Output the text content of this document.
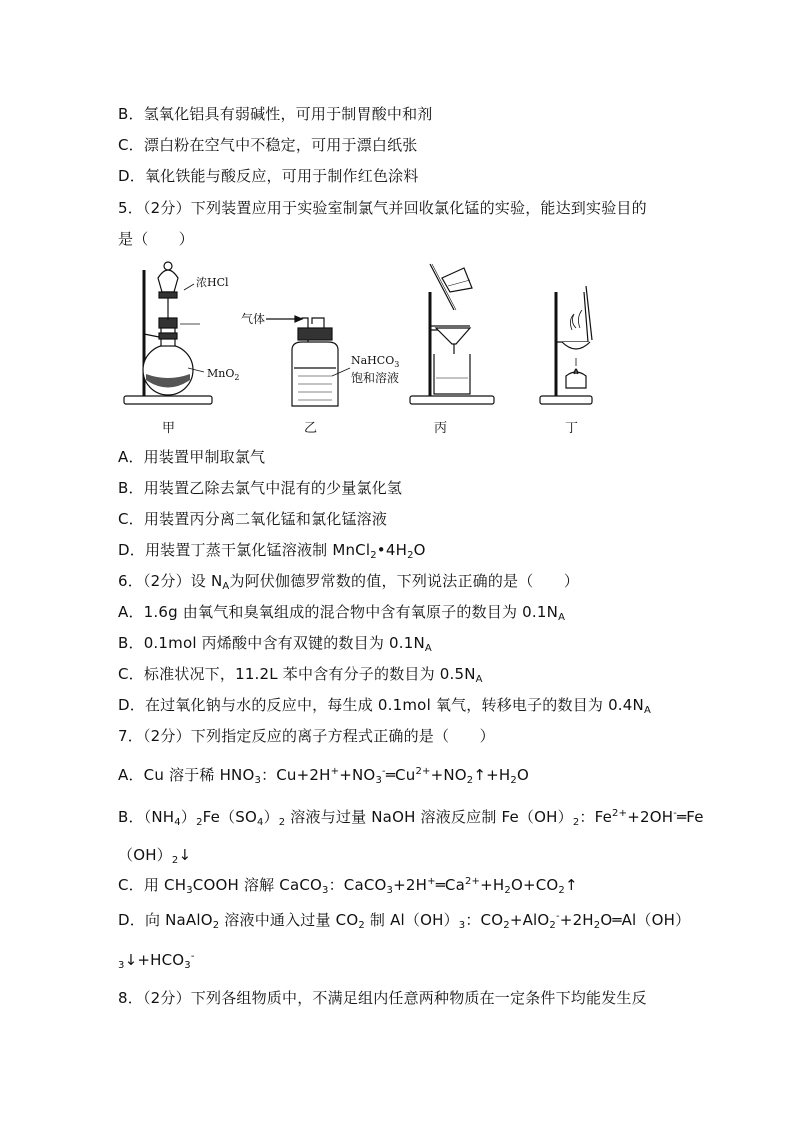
B．氢氧化铝具有弱碱性，可用于制胃酸中和剂
C．漂白粉在空气中不稳定，可用于漂白纸张
D．氧化铁能与酸反应，可用于制作红色涂料
5．（2分）下列装置应用于实验室制氯气并回收氯化锰的实验，能达到实验目的
是（　　）
浓HCl
MnO$_2$
甲
气体
NaHCO$_3$
饱和溶液
乙	丙	丁
A．用装置甲制取氯气
B．用装置乙除去氯气中混有的少量氯化氢
C．用装置丙分离二氧化锰和氯化锰溶液
D．用装置丁蒸干氯化锰溶液制 $MnCl_2•4H_2O$
6．（2分）设 $N_A$为阿伏伽德罗常数的值，下列说法正确的是（　　）
A．1.6g 由氧气和臭氧组成的混合物中含有氧原子的数目为 $0.1N_A$
B．0.1mol 丙烯酸中含有双键的数目为 $0.1N_A$
C．标准状况下，11.2L 苯中含有分子的数目为 $0.5N_A$
D．在过氧化钠与水的反应中，每生成 0.1mol 氧气，转移电子的数目为 $0.4N_A$
7．（2分）下列指定反应的离子方程式正确的是（　　）
A．Cu 溶于稀 $HNO_3$：$Cu+2H^++NO_3^-═Cu^{2+}+NO_2↑+H_2O$
B．$(NH_4)_2Fe(SO_4)_2$ 溶液与过量 NaOH 溶液反应制 $Fe(OH)_2$：$Fe^{2+}+2OH^-═Fe$
$(OH)_2↓$
C．用 $CH_3COOH$ 溶解 CaCO$_3$：$CaCO_3+2H^+═Ca^{2+}+H_2O+CO_2↑$
D．向 NaAlO$_2$ 溶液中通入过量 $CO_2$ 制 $Al(OH)_3$：$CO_2+AlO_2^-+2H_2O═Al(OH)$
$_3↓+HCO_3^-$
8．（2分）下列各组物质中，不满足组内任意两种物质在一定条件下均能发生反
